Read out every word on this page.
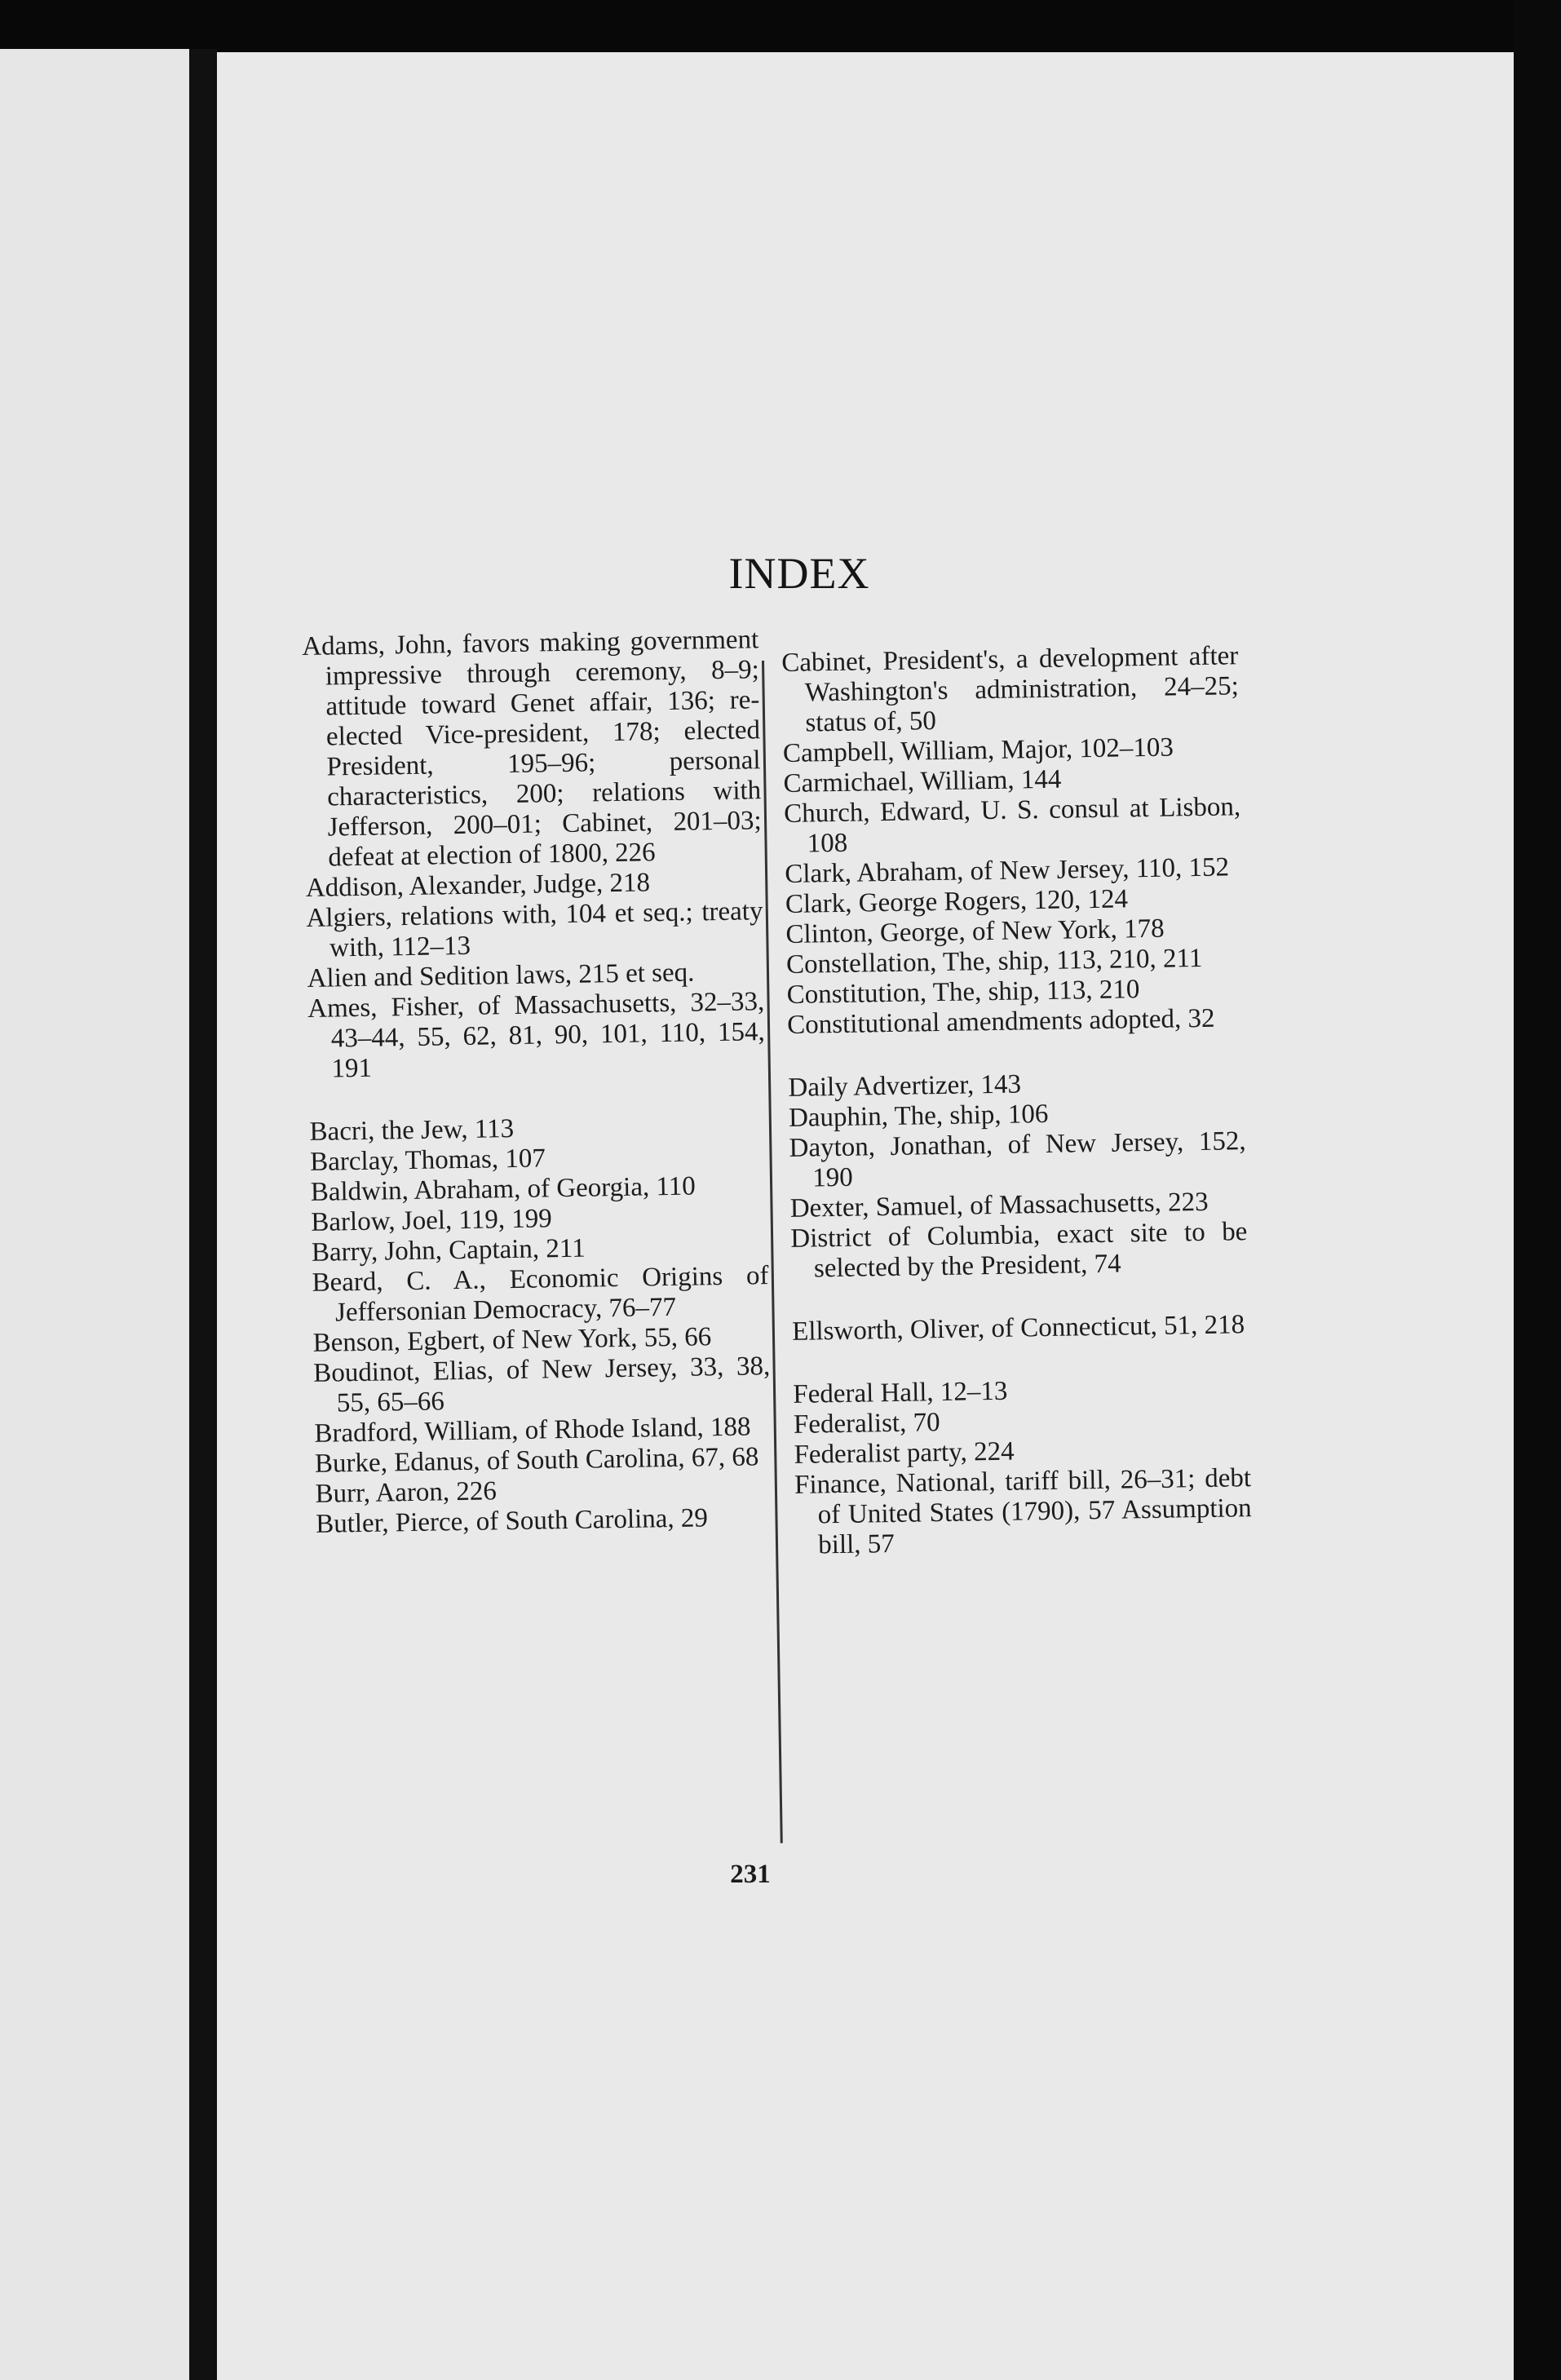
INDEX

Adams, John, favors making government impressive through ceremony, 8–9; attitude toward Genet affair, 136; re-elected Vice-president, 178; elected President, 195–96; personal characteristics, 200; relations with Jefferson, 200–01; Cabinet, 201–03; defeat at election of 1800, 226

Addison, Alexander, Judge, 218

Algiers, relations with, 104 et seq.; treaty with, 112–13

Alien and Sedition laws, 215 et seq.

Ames, Fisher, of Massachusetts, 32–33, 43–44, 55, 62, 81, 90, 101, 110, 154, 191

Bacri, the Jew, 113

Barclay, Thomas, 107

Baldwin, Abraham, of Georgia, 110

Barlow, Joel, 119, 199

Barry, John, Captain, 211

Beard, C. A., Economic Origins of Jeffersonian Democracy, 76–77

Benson, Egbert, of New York, 55, 66

Boudinot, Elias, of New Jersey, 33, 38, 55, 65–66

Bradford, William, of Rhode Island, 188

Burke, Edanus, of South Carolina, 67, 68

Burr, Aaron, 226

Butler, Pierce, of South Carolina, 29

Cabinet, President's, a development after Washington's administration, 24–25; status of, 50

Campbell, William, Major, 102–103

Carmichael, William, 144

Church, Edward, U. S. consul at Lisbon, 108

Clark, Abraham, of New Jersey, 110, 152

Clark, George Rogers, 120, 124

Clinton, George, of New York, 178

Constellation, The, ship, 113, 210, 211

Constitution, The, ship, 113, 210

Constitutional amendments adopted, 32

Daily Advertizer, 143

Dauphin, The, ship, 106

Dayton, Jonathan, of New Jersey, 152, 190

Dexter, Samuel, of Massachusetts, 223

District of Columbia, exact site to be selected by the President, 74

Ellsworth, Oliver, of Connecticut, 51, 218

Federal Hall, 12–13

Federalist, 70

Federalist party, 224

Finance, National, tariff bill, 26–31; debt of United States (1790), 57 Assumption bill, 57

231
